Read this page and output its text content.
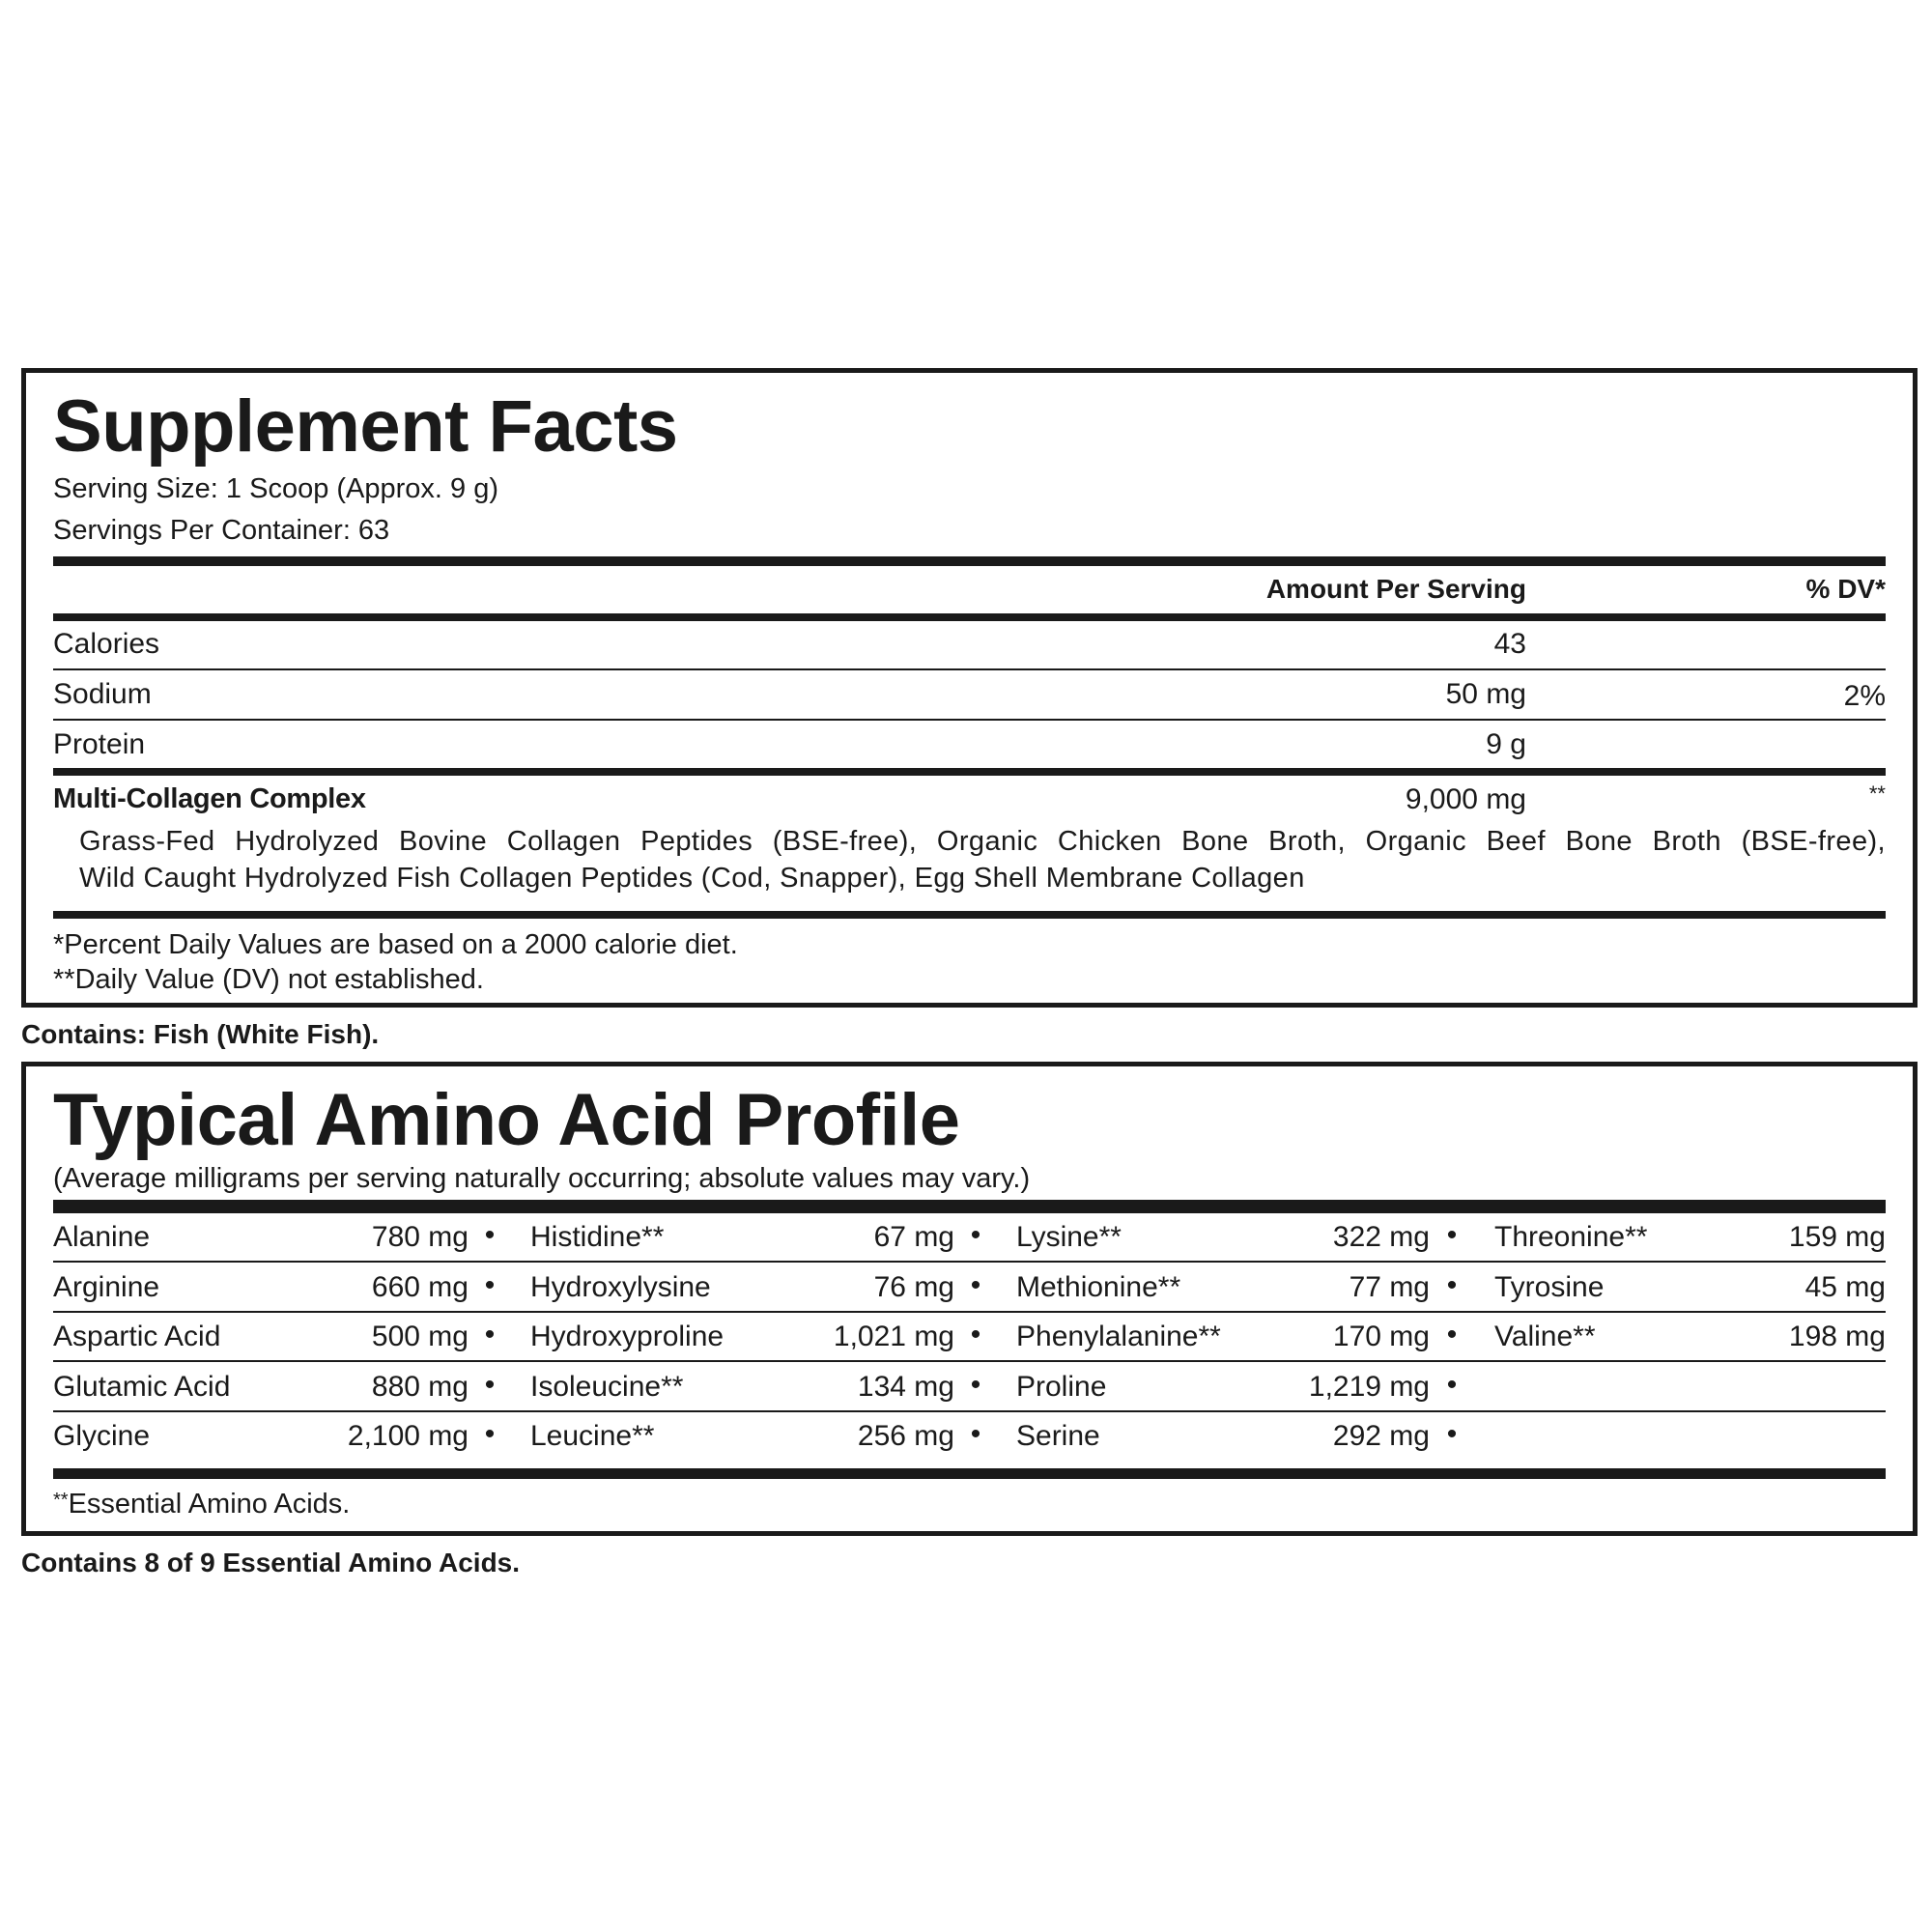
Supplement Facts
Serving Size: 1 Scoop (Approx. 9 g)
Servings Per Container: 63
Amount Per Serving	% DV*
Calories	43
Sodium	50 mg	2%
Protein	9 g
Multi-Collagen Complex	9,000 mg	**
Grass-Fed Hydrolyzed Bovine Collagen Peptides (BSE-free), Organic Chicken Bone Broth, Organic Beef Bone Broth (BSE-free),
Wild Caught Hydrolyzed Fish Collagen Peptides (Cod, Snapper), Egg Shell Membrane Collagen
*Percent Daily Values are based on a 2000 calorie diet.
**Daily Value (DV) not established.
Contains: Fish (White Fish).
Typical Amino Acid Profile
(Average milligrams per serving naturally occurring; absolute values may vary.)
Alanine	780 mg Histidine**	67 mg Lysine**	322 mg Threonine**	159 mg
•	•	•
Arginine	660 mg Hydroxylysine	76 mg Methionine**	77 mg Tyrosine	45 mg
•	•	•
Aspartic Acid	500 mg Hydroxyproline	1,021 mg Phenylalanine**	170 mg Valine**	198 mg
•	•	•
Glutamic Acid	880 mg Isoleucine**	134 mg Proline	1,219 mg
•	•	•
Glycine	2,100 mg Leucine**	256 mg Serine	292 mg
•	•	•
**Essential Amino Acids.
Contains 8 of 9 Essential Amino Acids.
